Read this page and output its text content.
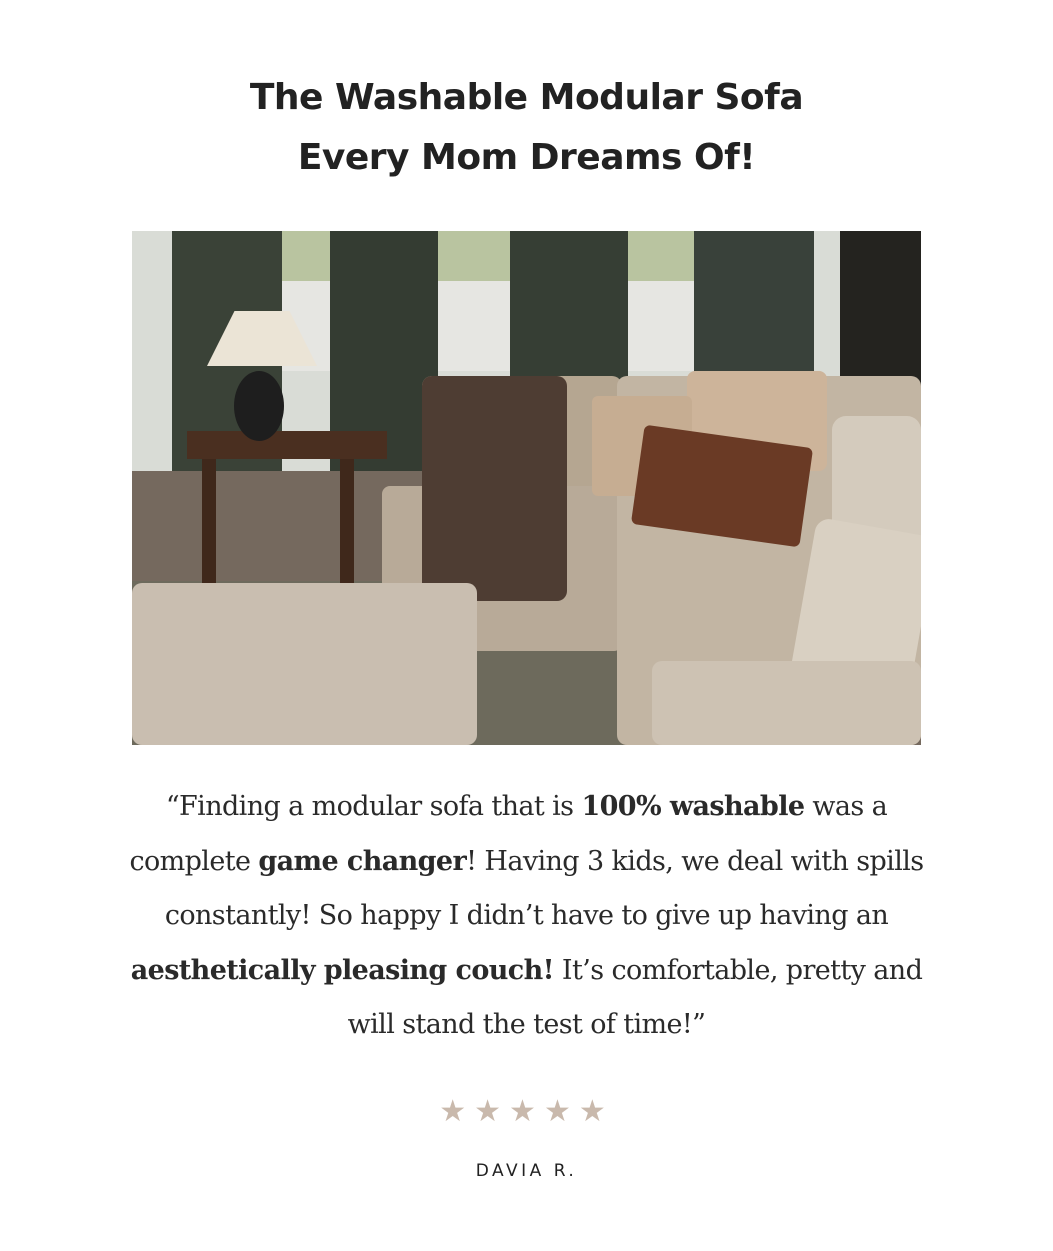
The Washable Modular Sofa
Every Mom Dreams Of!
“Finding a modular sofa that is 100% washable was a complete game changer! Having 3 kids, we deal with spills constantly! So happy I didn’t have to give up having an aesthetically pleasing couch! It’s comfortable, pretty and will stand the test of time!”
★★★★★
DAVIA R.
